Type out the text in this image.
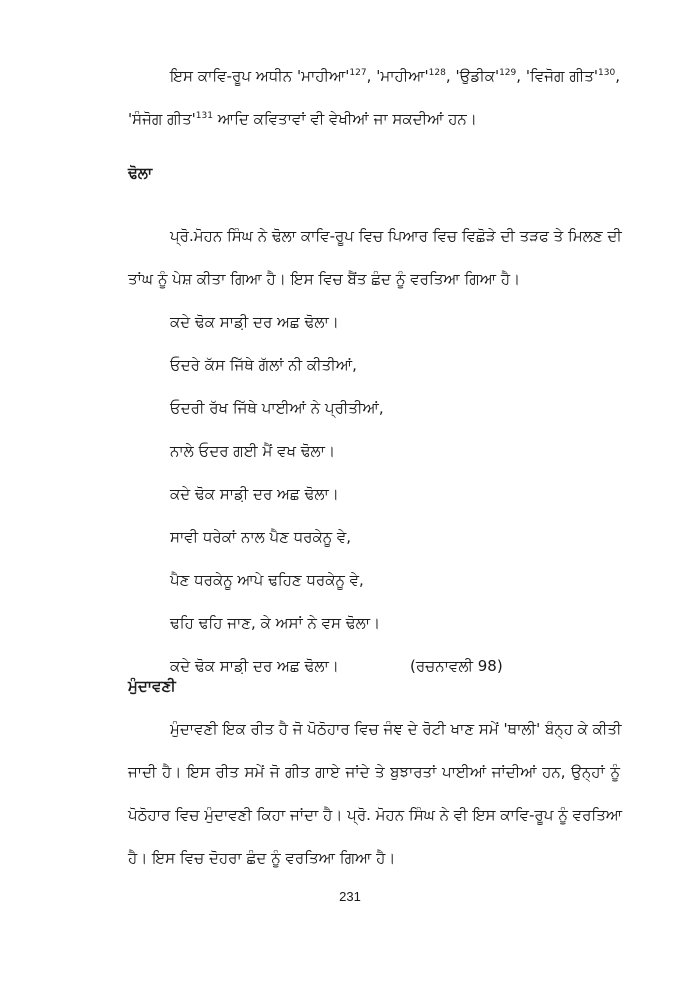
ਇਸ ਕਾਵਿ-ਰੂਪ ਅਧੀਨ '$ਮਾਹੀਆ'^{127}$, '$ਮਾਹੀਆ'^{128}$, '$ਉਡੀਕ'^{129}$, 'ਵਿਜੋਗ $ਗੀਤ'^{130}$,
'ਸੰਜੋਗ $ਗੀਤ'^{131}$ ਆਦਿ ਕਵਿਤਾਵਾਂ ਵੀ ਵੇਖੀਆਂ ਜਾ ਸਕਦੀਆਂ ਹਨ।
ਢੋਲਾ
ਪ੍ਰੋ.ਮੋਹਨ ਸਿੰਘ ਨੇ ਢੋਲਾ ਕਾਵਿ-ਰੂਪ ਵਿਚ ਪਿਆਰ ਵਿਚ ਵਿਛੋੜੇ ਦੀ ਤੜਫ ਤੇ ਮਿਲਣ ਦੀ
ਤਾਂਘ ਨੂੰ ਪੇਸ਼ ਕੀਤਾ ਗਿਆ ਹੈ। ਇਸ ਵਿਚ ਬੈਂਤ ਛੰਦ ਨੂੰ ਵਰਤਿਆ ਗਿਆ ਹੈ।
ਕਦੇ ਢੋਕ ਸਾਡ਼ੀ ਦਰ ਅਛ ਢੋਲਾ।
ਓਦਰੇ ਕੱਸ ਜਿੱਥੇ ਗੱਲਾਂ ਨੀ ਕੀਤੀਆਂ,
ਓਦਰੀ ਰੱਖ ਜਿੱਥੇ ਪਾਈਆਂ ਨੇ ਪ੍ਰੀਤੀਆਂ,
ਨਾਲੇ ਓਦਰ ਗਈ ਮੈਂ ਵਖ ਢੋਲਾ।
ਕਦੇ ਢੋਕ ਸਾਡ਼ੀ ਦਰ ਅਛ ਢੋਲਾ।
ਸਾਵੀ ਧਰੇਕਾਂ ਨਾਲ ਪੈਣ ਧਰਕੇਨੂ ਵੇ,
ਪੈਣ ਧਰਕੇਨੂ ਆਪੇ ਢਹਿਣ ਧਰਕੇਨੂ ਵੇ,
ਢਹਿ ਢਹਿ ਜਾਣ, ਕੇ ਅਸਾਂ ਨੇ ਵਸ ਢੋਲਾ।
ਕਦੇ ਢੋਕ ਸਾਡ਼ੀ ਦਰ ਅਛ ਢੋਲਾ।	(ਰਚਨਾਵਲੀ 98)
ਮੁੰਦਾਵਣੀ
ਮੁੰਦਾਵਣੀ ਇਕ ਰੀਤ ਹੈ ਜੋ ਪੋਠੋਹਾਰ ਵਿਚ ਜੰਞ ਦੇ ਰੋਟੀ ਖਾਣ ਸਮੇਂ 'ਥਾਲੀ' ਬੰਨ੍ਹ ਕੇ ਕੀਤੀ
ਜਾਦੀ ਹੈ। ਇਸ ਰੀਤ ਸਮੇਂ ਜੋ ਗੀਤ ਗਾਏ ਜਾਂਦੇ ਤੇ ਬੁਝਾਰਤਾਂ ਪਾਈਆਂ ਜਾਂਦੀਆਂ ਹਨ, ਉਨ੍ਹਾਂ ਨੂੰ
ਪੋਠੋਹਾਰ ਵਿਚ ਮੁੰਦਾਵਣੀ ਕਿਹਾ ਜਾਂਦਾ ਹੈ। ਪ੍ਰੋ. ਮੋਹਨ ਸਿੰਘ ਨੇ ਵੀ ਇਸ ਕਾਵਿ-ਰੂਪ ਨੂੰ ਵਰਤਿਆ
ਹੈ। ਇਸ ਵਿਚ ਦੋਹਰਾ ਛੰਦ ਨੂੰ ਵਰਤਿਆ ਗਿਆ ਹੈ।
231
